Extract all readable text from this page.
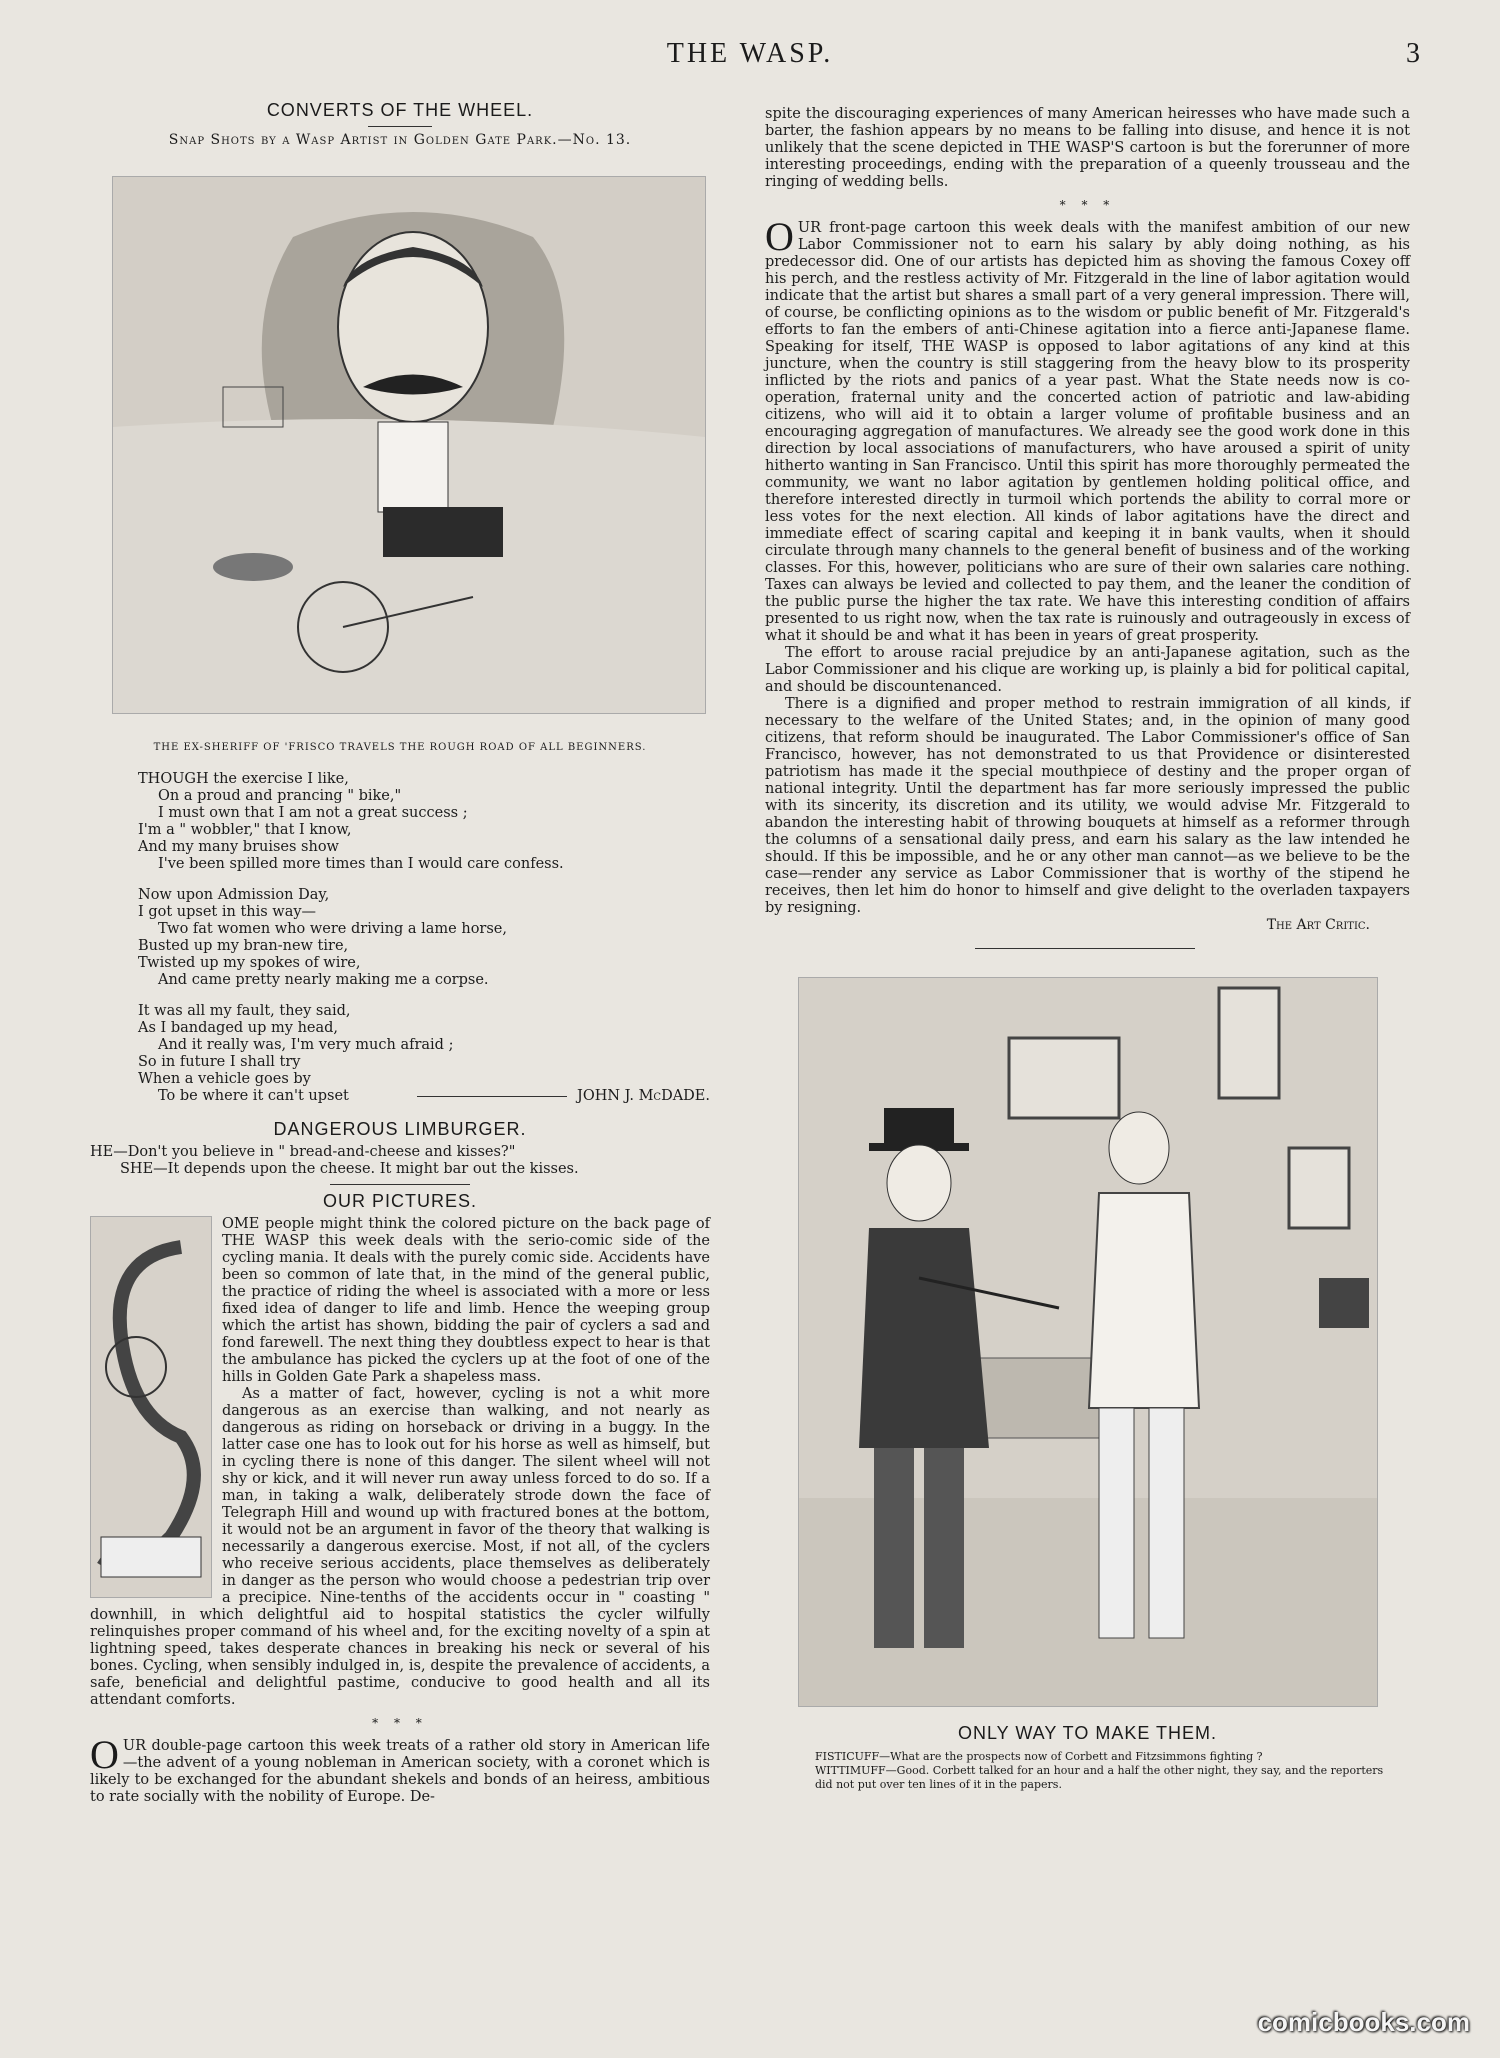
THE WASP.	3
CONVERTS OF THE WHEEL.
Snap Shots by a Wasp Artist in Golden Gate Park.—No. 13.
THE EX-SHERIFF OF 'FRISCO TRAVELS THE ROUGH ROAD OF ALL BEGINNERS.
THOUGH the exercise I like,
On a proud and prancing " bike,"
I must own that I am not a great success ;
I'm a " wobbler," that I know,
And my many bruises show
I've been spilled more times than I would care confess.
Now upon Admission Day,
I got upset in this way—
Two fat women who were driving a lame horse,
Busted up my bran-new tire,
Twisted up my spokes of wire,
And came pretty nearly making me a corpse.
It was all my fault, they said,
As I bandaged up my head,
And it really was, I'm very much afraid ;
So in future I shall try
When a vehicle goes by
To be where it can't upset	JOHN J. McDADE.
DANGEROUS LIMBURGER.
HE—Don't you believe in " bread-and-cheese and kisses?"
SHE—It depends upon the cheese. It might bar out the kisses.
OUR PICTURES.

OME people might think the colored picture on the back page of THE WASP this week deals with the serio-comic side of the cycling mania. It deals with the purely comic side. Accidents have been so common of late that, in the mind of the general public, the practice of riding the wheel is associated with a more or less fixed idea of danger to life and limb. Hence the weeping group which the artist has shown, bidding the pair of cyclers a sad and fond farewell. The next thing they doubtless expect to hear is that the ambulance has picked the cyclers up at the foot of one of the hills in Golden Gate Park a shapeless mass.

As a matter of fact, however, cycling is not a whit more dangerous as an exercise than walking, and not nearly as dangerous as riding on horseback or driving in a buggy. In the latter case one has to look out for his horse as well as himself, but in cycling there is none of this danger. The silent wheel will not shy or kick, and it will never run away unless forced to do so. If a man, in taking a walk, deliberately strode down the face of Telegraph Hill and wound up with fractured bones at the bottom, it would not be an argument in favor of the theory that walking is necessarily a dangerous exercise. Most, if not all, of the cyclers who receive serious accidents, place themselves as deliberately in danger as the person who would choose a pedestrian trip over a precipice. Nine-tenths of the accidents occur in " coasting " downhill, in which delightful aid to hospital statistics the cycler wilfully relinquishes proper command of his wheel and, for the exciting novelty of a spin at lightning speed, takes desperate chances in breaking his neck or several of his bones. Cycling, when sensibly indulged in, is, despite the prevalence of accidents, a safe, beneficial and delightful pastime, conducive to good health and all its attendant comforts.

* * *

OUR double-page cartoon this week treats of a rather old story in American life—the advent of a young nobleman in American society, with a coronet which is likely to be exchanged for the abundant shekels and bonds of an heiress, ambitious to rate socially with the nobility of Europe. De-

spite the discouraging experiences of many American heiresses who have made such a barter, the fashion appears by no means to be falling into disuse, and hence it is not unlikely that the scene depicted in THE WASP'S cartoon is but the forerunner of more interesting proceedings, ending with the preparation of a queenly trousseau and the ringing of wedding bells.

* * *

OUR front-page cartoon this week deals with the manifest ambition of our new Labor Commissioner not to earn his salary by ably doing nothing, as his predecessor did. One of our artists has depicted him as shoving the famous Coxey off his perch, and the restless activity of Mr. Fitzgerald in the line of labor agitation would indicate that the artist but shares a small part of a very general impression. There will, of course, be conflicting opinions as to the wisdom or public benefit of Mr. Fitzgerald's efforts to fan the embers of anti-Chinese agitation into a fierce anti-Japanese flame. Speaking for itself, THE WASP is opposed to labor agitations of any kind at this juncture, when the country is still staggering from the heavy blow to its prosperity inflicted by the riots and panics of a year past. What the State needs now is co-operation, fraternal unity and the concerted action of patriotic and law-abiding citizens, who will aid it to obtain a larger volume of profitable business and an encouraging aggregation of manufactures. We already see the good work done in this direction by local associations of manufacturers, who have aroused a spirit of unity hitherto wanting in San Francisco. Until this spirit has more thoroughly permeated the community, we want no labor agitation by gentlemen holding political office, and therefore interested directly in turmoil which portends the ability to corral more or less votes for the next election. All kinds of labor agitations have the direct and immediate effect of scaring capital and keeping it in bank vaults, when it should circulate through many channels to the general benefit of business and of the working classes. For this, however, politicians who are sure of their own salaries care nothing. Taxes can always be levied and collected to pay them, and the leaner the condition of the public purse the higher the tax rate. We have this interesting condition of affairs presented to us right now, when the tax rate is ruinously and outrageously in excess of what it should be and what it has been in years of great prosperity.

The effort to arouse racial prejudice by an anti-Japanese agitation, such as the Labor Commissioner and his clique are working up, is plainly a bid for political capital, and should be discountenanced.

There is a dignified and proper method to restrain immigration of all kinds, if necessary to the welfare of the United States; and, in the opinion of many good citizens, that reform should be inaugurated. The Labor Commissioner's office of San Francisco, however, has not demonstrated to us that Providence or disinterested patriotism has made it the special mouthpiece of destiny and the proper organ of national integrity. Until the department has far more seriously impressed the public with its sincerity, its discretion and its utility, we would advise Mr. Fitzgerald to abandon the interesting habit of throwing bouquets at himself as a reformer through the columns of a sensational daily press, and earn his salary as the law intended he should. If this be impossible, and he or any other man cannot—as we believe to be the case—render any service as Labor Commissioner that is worthy of the stipend he receives, then let him do honor to himself and give delight to the overladen taxpayers by resigning.

The Art Critic.
ONLY WAY TO MAKE THEM.
FISTICUFF—What are the prospects now of Corbett and Fitzsimmons fighting ?
WITTIMUFF—Good. Corbett talked for an hour and a half the other night, they say, and the reporters did not put over ten lines of it in the papers.
comicbooks.com
